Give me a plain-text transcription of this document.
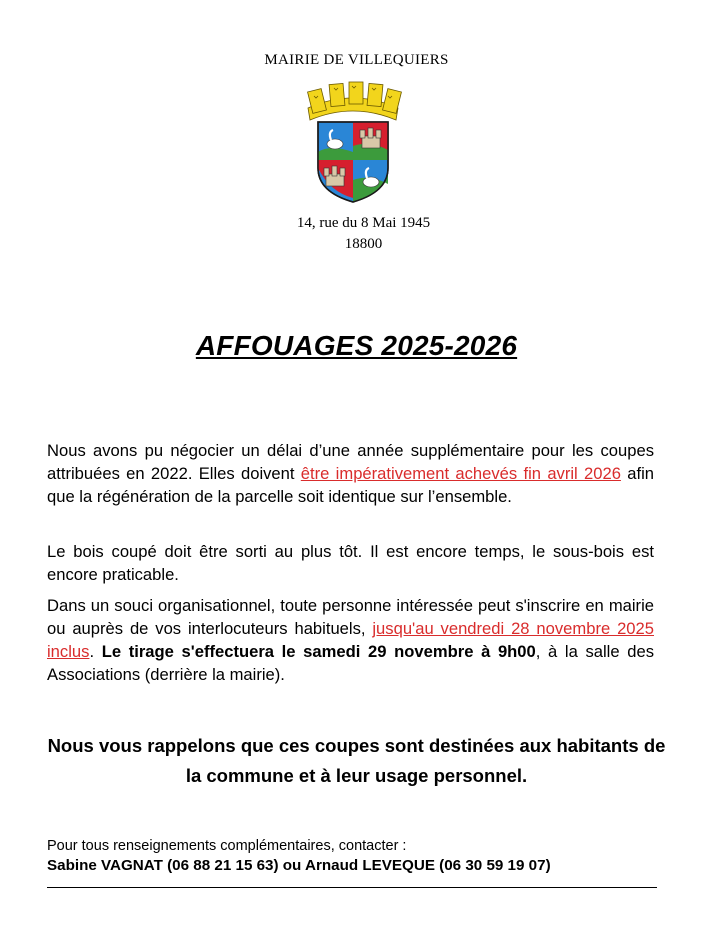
MAIRIE DE VILLEQUIERS
14, rue du 8 Mai 1945
18800
AFFOUAGES 2025-2026

Nous avons pu négocier un délai d’une année supplémentaire pour les coupes attribuées en 2022. Elles doivent être impérativement achevés fin avril 2026 afin que la régénération de la parcelle soit identique sur l’ensemble.

Le bois coupé doit être sorti au plus tôt. Il est encore temps, le sous-bois est encore praticable.

Dans un souci organisationnel, toute personne intéressée peut s'inscrire en mairie ou auprès de vos interlocuteurs habituels, jusqu'au vendredi 28 novembre 2025 inclus. Le tirage s'effectuera le samedi 29 novembre à 9h00, à la salle des Associations (derrière la mairie).

Nous vous rappelons que ces coupes sont destinées aux habitants de la commune et à leur usage personnel.
Pour tous renseignements complémentaires, contacter :
Sabine VAGNAT (06 88 21 15 63) ou Arnaud LEVEQUE (06 30 59 19 07)
